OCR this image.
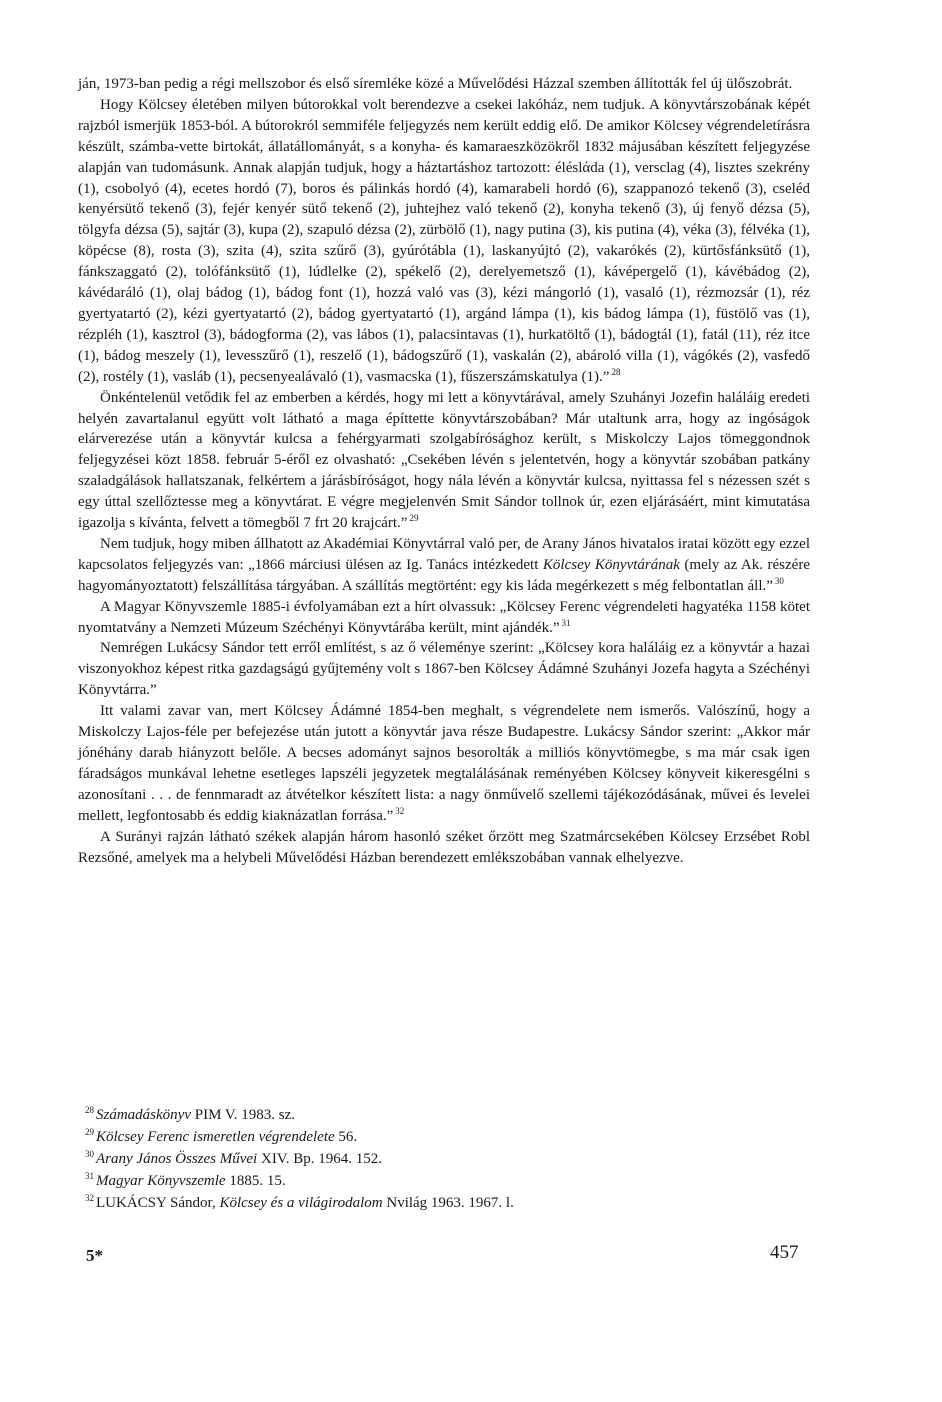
ján, 1973-ban pedig a régi mellszobor és első síremléke közé a Művelődési Házzal szemben állították fel új ülőszobrát.

Hogy Kölcsey életében milyen bútorokkal volt berendezve a csekei lakóház, nem tudjuk. A könyvtárszobának képét rajzból ismerjük 1853-ból. A bútorokról semmiféle feljegyzés nem került eddig elő. De amikor Kölcsey végrendeletírásra készült, számba-vette birtokát, állatállományát, s a konyha- és kamaraeszközökről 1832 májusában készített feljegyzése alapján van tudomásunk. Annak alapján tudjuk, hogy a háztartáshoz tartozott: éléslάda (1), versclag (4), lisztes szekrény (1), csobolyó (4), ecetes hordó (7), boros és pálinkás hordó (4), kamarabeli hordó (6), szappanozó tekenő (3), cseléd kenyérsütő tekenő (3), fejér kenyér sütő tekenő (2), juhtejhez való tekenő (2), konyha tekenő (3), új fenyő dézsa (5), tölgyfa dézsa (5), sajtár (3), kupa (2), szapuló dézsa (2), zürbölő (1), nagy putina (3), kis putina (4), véka (3), félvéka (1), köpécse (8), rosta (3), szita (4), szita szűrő (3), gyúrótábla (1), laskanyújtó (2), vakarókés (2), kürtősfánksütő (1), fánkszaggató (2), tolófánksütő (1), lúdlelke (2), spékelő (2), derelyemetsző (1), kávépergelő (1), kávébádog (2), kávédaráló (1), olaj bádog (1), bádog font (1), hozzá való vas (3), kézi mángorló (1), vasaló (1), rézmozsár (1), réz gyertyatartó (2), kézi gyertyatartó (2), bádog gyertyatartó (1), argánd lámpa (1), kis bádog lámpa (1), füstölő vas (1), rézpléh (1), kasztrol (3), bádogforma (2), vas lábos (1), palacsintavas (1), hurkatöltő (1), bádogtál (1), fatál (11), réz itce (1), bádog meszely (1), levesszűrő (1), reszelő (1), bádogszűrő (1), vaskalán (2), abároló villa (1), vágókés (2), vasfedő (2), rostély (1), vasláb (1), pecsenyealávaló (1), vasmacska (1), fűszerszámskatulya (1).” $^{28}$

Önkéntelenül vetődik fel az emberben a kérdés, hogy mi lett a könyvtárával, amely Szuhányi Jozefin haláláig eredeti helyén zavartalanul együtt volt látható a maga építtette könyvtárszobában? Már utaltunk arra, hogy az ingóságok elárverezése után a könyvtár kulcsa a fehérgyarmati szolgabírósághoz került, s Miskolczy Lajos tömeggondnok feljegyzései közt 1858. február 5-éről ez olvasható: „Csekében lévén s jelentetvén, hogy a könyvtár szobában patkány szaladgálások hallatszanak, felkértem a járásbíróságot, hogy nála lévén a könyvtár kulcsa, nyittassa fel s nézessen szét s egy úttal szellőztesse meg a könyvtárat. E végre megjelenvén Smit Sándor tollnok úr, ezen eljárásáért, mint kimutatása igazolja s kívánta, felvett a tömegből 7 frt 20 krajcárt.” $^{29}$

Nem tudjuk, hogy miben állhatott az Akadémiai Könyvtárral való per, de Arany János hivatalos iratai között egy ezzel kapcsolatos feljegyzés van: „1866 márciusi ülésen az Ig. Tanács intézkedett Kölcsey Könyvtárának (mely az Ak. részére hagyományoztatott) felszállítása tárgyában. A szállítás megtörtént: egy kis láda megérkezett s még felbontatlan áll.” $^{30}$

A Magyar Könyvszemle 1885-i évfolyamában ezt a hírt olvassuk: „Kölcsey Ferenc végrendeleti hagyatéka 1158 kötet nyomtatvány a Nemzeti Múzeum Széchényi Könyvtárába került, mint ajándék.” $^{31}$

Nemrégen Lukácsy Sándor tett erről említést, s az ő véleménye szerint: „Kölcsey kora haláláig ez a könyvtár a hazai viszonyokhoz képest ritka gazdagságú gyűjtemény volt s 1867-ben Kölcsey Ádámné Szuhányi Jozefa hagyta a Széchényi Könyvtárra.”

Itt valami zavar van, mert Kölcsey Ádámné 1854-ben meghalt, s végrendelete nem ismerős. Valószínű, hogy a Miskolczy Lajos-féle per befejezése után jutott a könyvtár java része Budapestre. Lukácsy Sándor szerint: „Akkor már jónéhány darab hiányzott belőle. A becses adományt sajnos besorolták a milliós könyvtömegbe, s ma már csak igen fáradságos munkával lehetne esetleges lapszéli jegyzetek megtalálásának reményében Kölcsey könyveit kikeresgélni s azonosítani . . . de fennmaradt az átvételkor készített lista: a nagy önművelő szellemi tájékozódásának, művei és levelei mellett, legfontosabb és eddig kiaknázatlan forrása.” $^{32}$

A Surányi rajzán látható székek alapján három hasonló széket őrzött meg Szatmárcsekében Kölcsey Erzsébet Robl Rezsőné, amelyek ma a helybeli Művelődési Házban berendezett emlékszobában vannak elhelyezve.

$^{28}$ Számadáskönyv PIM V. 1983. sz.
$^{29}$ Kölcsey Ferenc ismeretlen végrendelete 56.
$^{30}$ Arany János Összes Művei XIV. Bp. 1964. 152.
$^{31}$ Magyar Könyvszemle 1885. 15.
$^{32}$ LUKÁCSY Sándor, Kölcsey és a világirodalom Nvilág 1963. 1967. l.
5*	457
